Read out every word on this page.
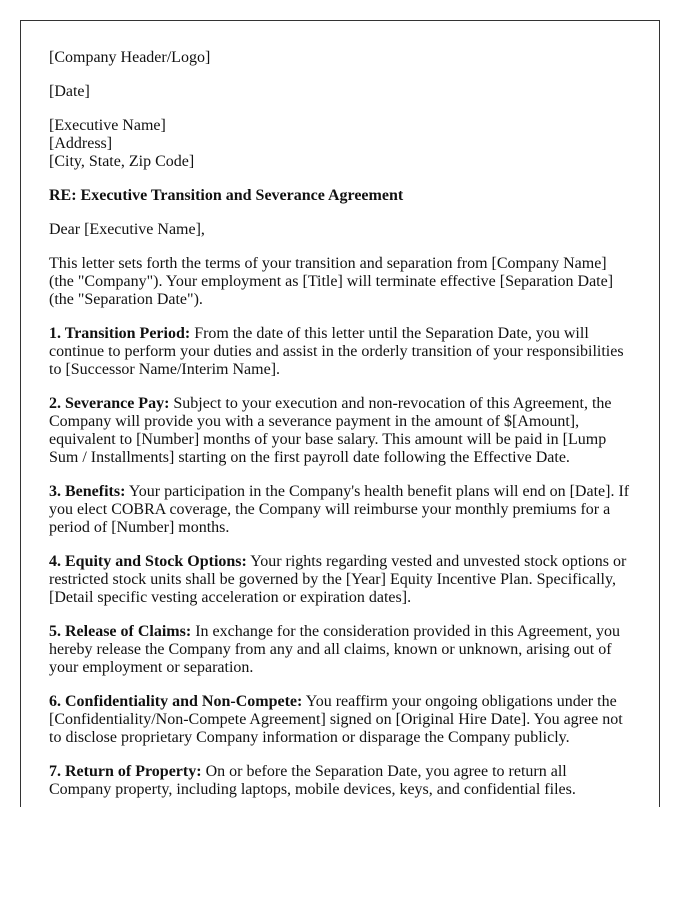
[Company Header/Logo]

[Date]

[Executive Name]
[Address]
[City, State, Zip Code]

RE: Executive Transition and Severance Agreement

Dear [Executive Name],

This letter sets forth the terms of your transition and separation from [Company Name] (the "Company"). Your employment as [Title] will terminate effective [Separation Date] (the "Separation Date").

1. Transition Period: From the date of this letter until the Separation Date, you will continue to perform your duties and assist in the orderly transition of your responsibilities to [Successor Name/Interim Name].

2. Severance Pay: Subject to your execution and non-revocation of this Agreement, the Company will provide you with a severance payment in the amount of $[Amount], equivalent to [Number] months of your base salary. This amount will be paid in [Lump Sum / Installments] starting on the first payroll date following the Effective Date.

3. Benefits: Your participation in the Company's health benefit plans will end on [Date]. If you elect COBRA coverage, the Company will reimburse your monthly premiums for a period of [Number] months.

4. Equity and Stock Options: Your rights regarding vested and unvested stock options or restricted stock units shall be governed by the [Year] Equity Incentive Plan. Specifically, [Detail specific vesting acceleration or expiration dates].

5. Release of Claims: In exchange for the consideration provided in this Agreement, you hereby release the Company from any and all claims, known or unknown, arising out of your employment or separation.

6. Confidentiality and Non-Compete: You reaffirm your ongoing obligations under the [Confidentiality/Non-Compete Agreement] signed on [Original Hire Date]. You agree not to disclose proprietary Company information or disparage the Company publicly.

7. Return of Property: On or before the Separation Date, you agree to return all Company property, including laptops, mobile devices, keys, and confidential files.
